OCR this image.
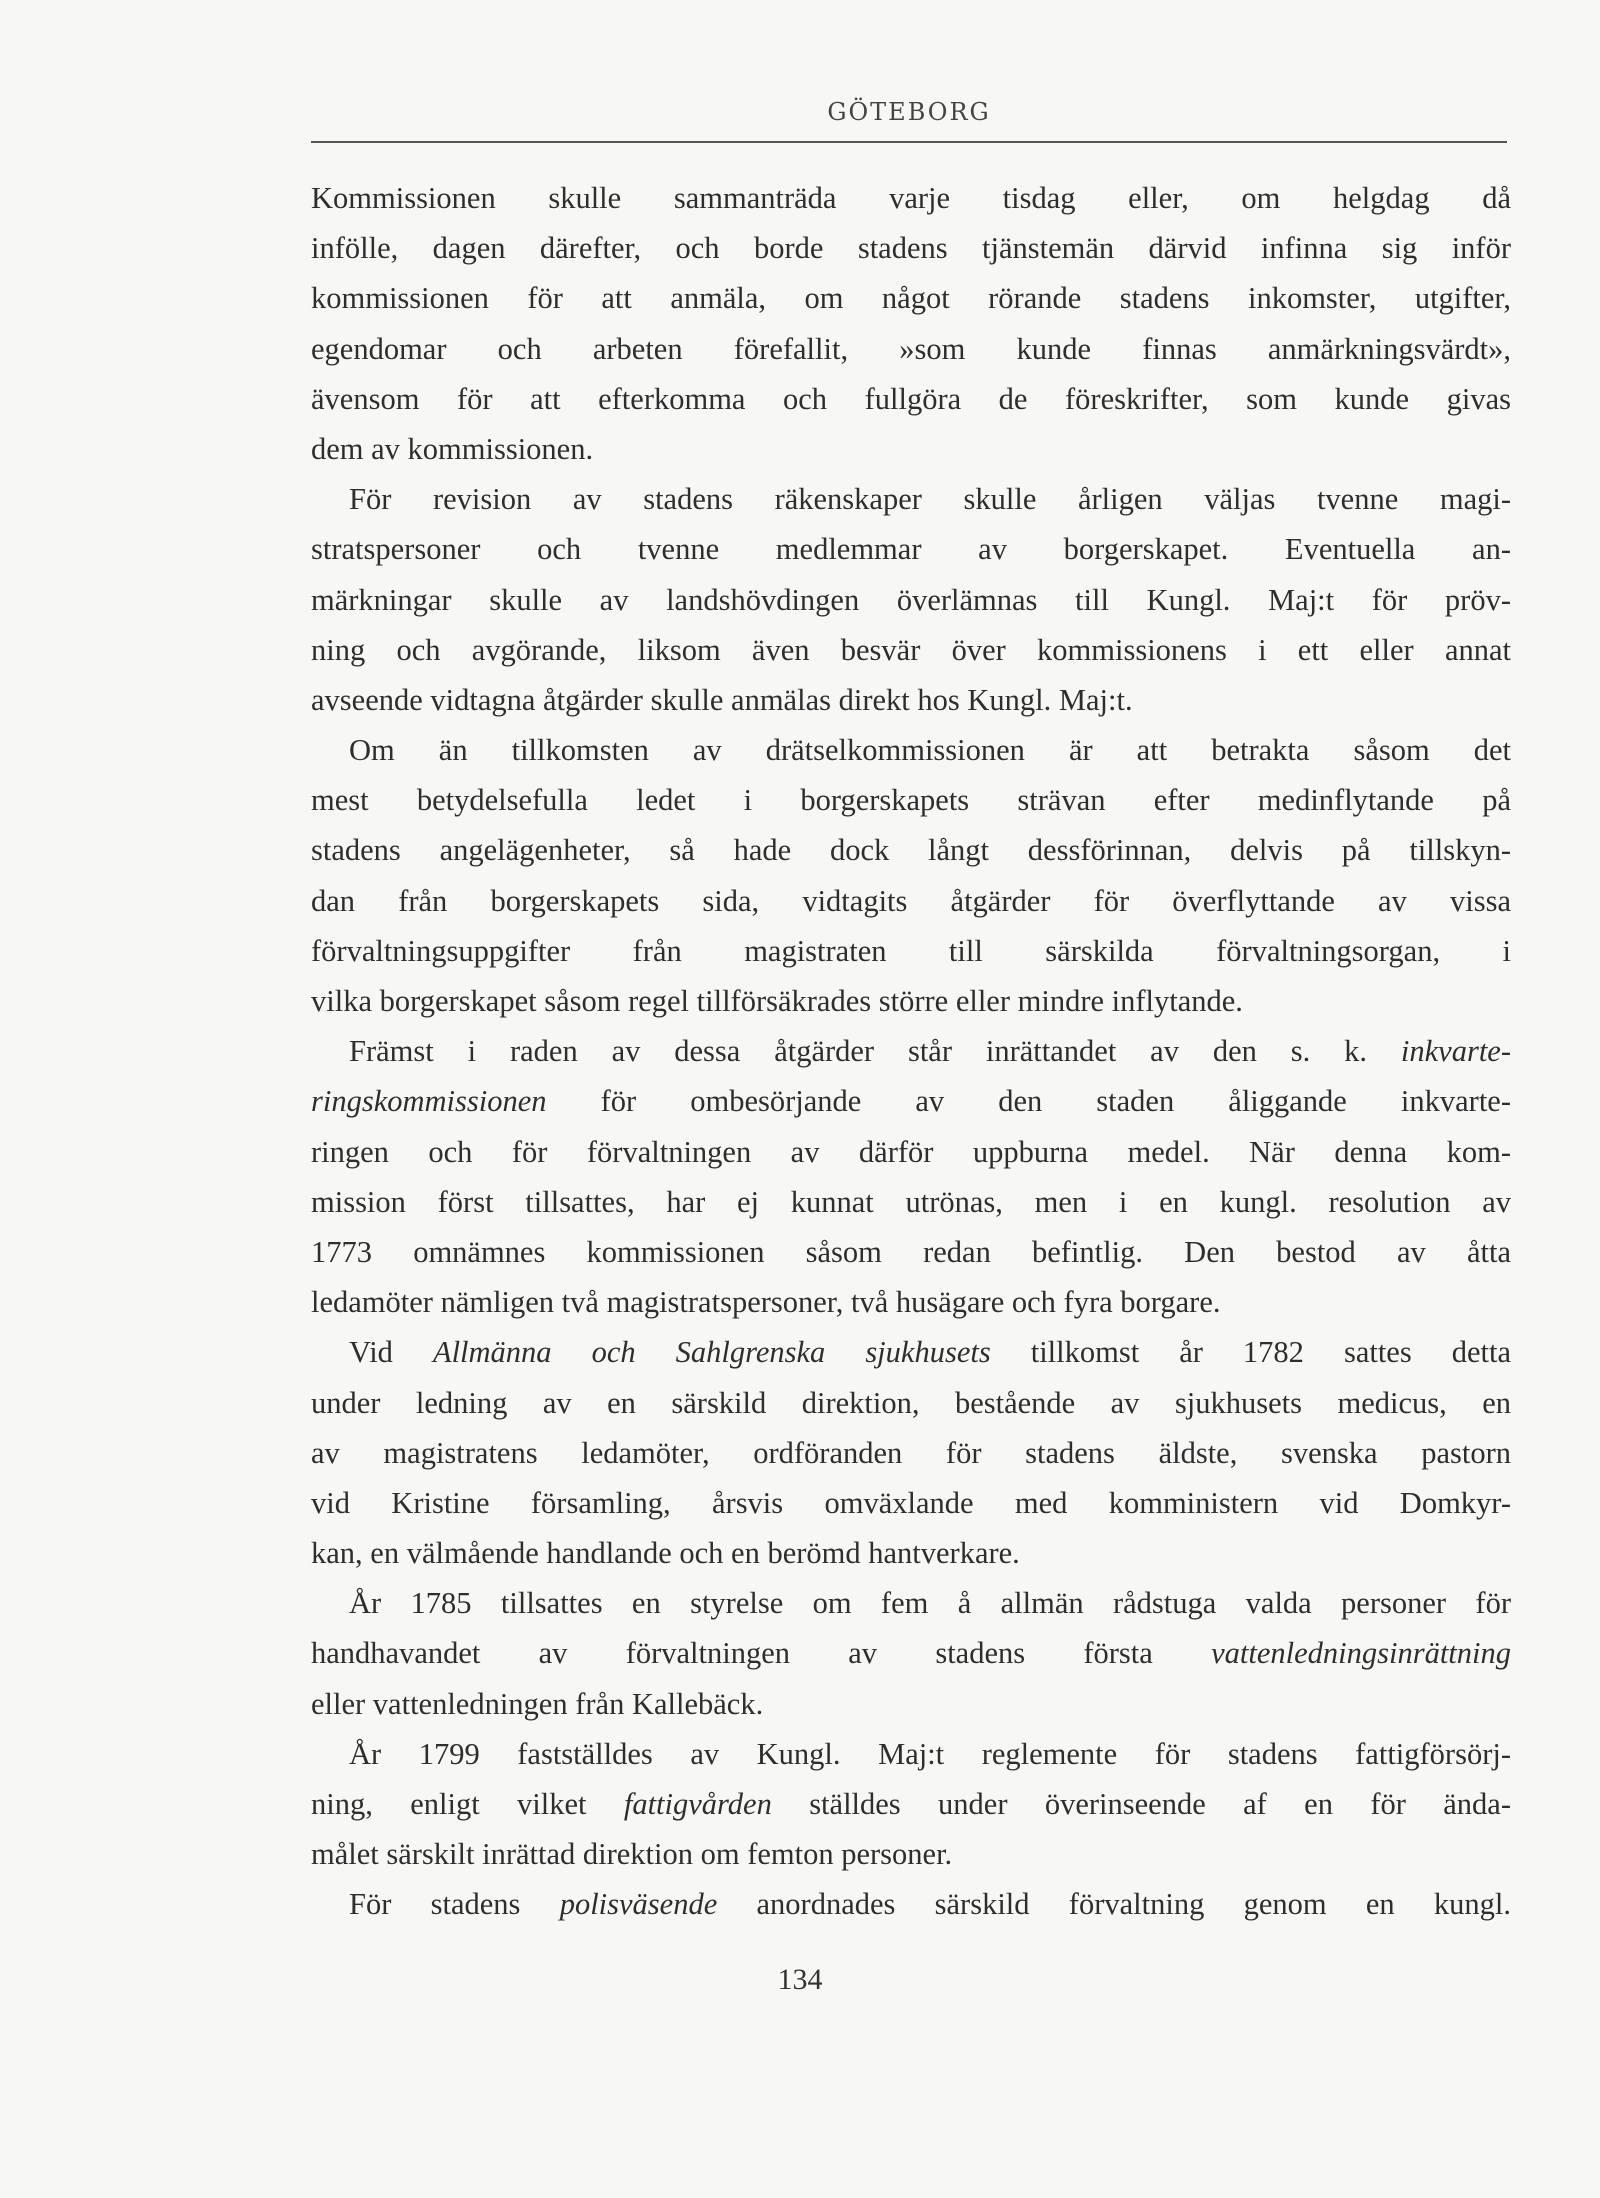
GÖTEBORG
Kommissionen skulle sammanträda varje tisdag eller, om helgdag då
infölle, dagen därefter, och borde stadens tjänstemän därvid infinna sig inför
kommissionen för att anmäla, om något rörande stadens inkomster, utgifter,
egendomar och arbeten förefallit, »som kunde finnas anmärkningsvärdt»,
ävensom för att efterkomma och fullgöra de föreskrifter, som kunde givas
dem av kommissionen.
För revision av stadens räkenskaper skulle årligen väljas tvenne magi-
stratspersoner och tvenne medlemmar av borgerskapet. Eventuella an-
märkningar skulle av landshövdingen överlämnas till Kungl. Maj:t för pröv-
ning och avgörande, liksom även besvär över kommissionens i ett eller annat
avseende vidtagna åtgärder skulle anmälas direkt hos Kungl. Maj:t.
Om än tillkomsten av drätselkommissionen är att betrakta såsom det
mest betydelsefulla ledet i borgerskapets strävan efter medinflytande på
stadens angelägenheter, så hade dock långt dessförinnan, delvis på tillskyn-
dan från borgerskapets sida, vidtagits åtgärder för överflyttande av vissa
förvaltningsuppgifter från magistraten till särskilda förvaltningsorgan, i
vilka borgerskapet såsom regel tillförsäkrades större eller mindre inflytande.
Främst i raden av dessa åtgärder står inrättandet av den s. k. inkvarte-
ringskommissionen för ombesörjande av den staden åliggande inkvarte-
ringen och för förvaltningen av därför uppburna medel. När denna kom-
mission först tillsattes, har ej kunnat utrönas, men i en kungl. resolution av
1773 omnämnes kommissionen såsom redan befintlig. Den bestod av åtta
ledamöter nämligen två magistratspersoner, två husägare och fyra borgare.
Vid Allmänna och Sahlgrenska sjukhusets tillkomst år 1782 sattes detta
under ledning av en särskild direktion, bestående av sjukhusets medicus, en
av magistratens ledamöter, ordföranden för stadens äldste, svenska pastorn
vid Kristine församling, årsvis omväxlande med komministern vid Domkyr-
kan, en välmående handlande och en berömd hantverkare.
År 1785 tillsattes en styrelse om fem å allmän rådstuga valda personer för
handhavandet av förvaltningen av stadens första vattenledningsinrättning
eller vattenledningen från Kallebäck.
År 1799 fastställdes av Kungl. Maj:t reglemente för stadens fattigförsörj-
ning, enligt vilket fattigvården ställdes under överinseende af en för ända-
målet särskilt inrättad direktion om femton personer.
För stadens polisväsende anordnades särskild förvaltning genom en kungl.
134
